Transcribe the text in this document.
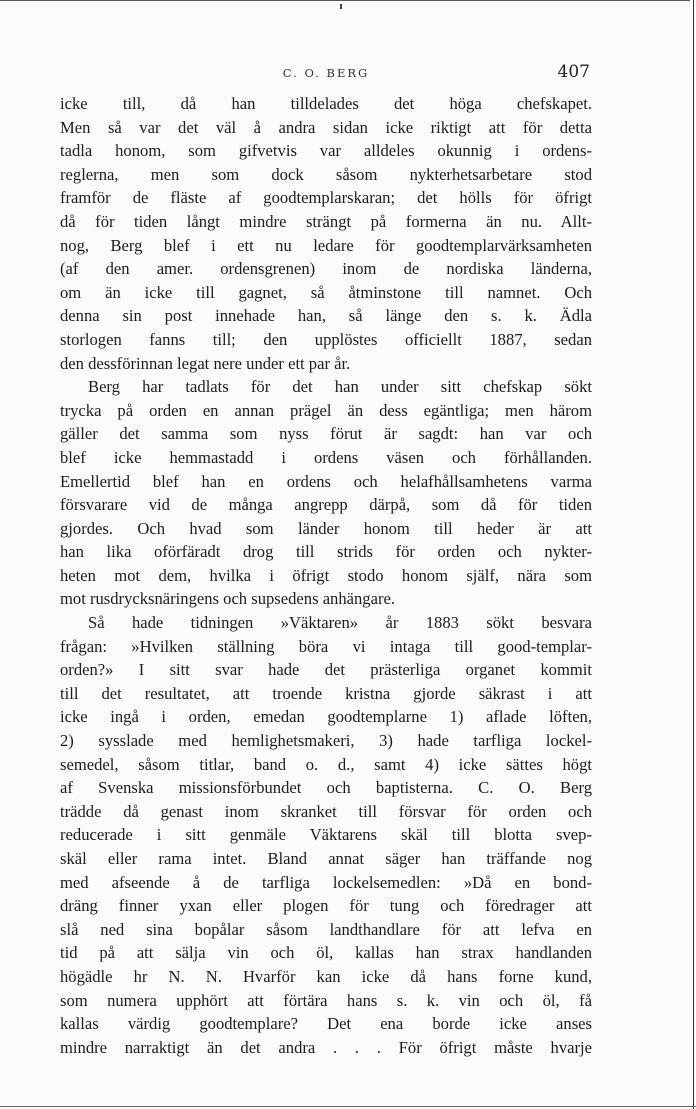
C. O. BERG	407
icke till, då han tilldelades det höga chefskapet.
Men så var det väl å andra sidan icke riktigt att för detta
tadla honom, som gifvetvis var alldeles okunnig i ordens-
reglerna, men som dock såsom nykterhetsarbetare stod
framför de fläste af goodtemplarskaran; det hölls för öfrigt
då för tiden långt mindre strängt på formerna än nu. Allt-
nog, Berg blef i ett nu ledare för goodtemplarvärksamheten
(af den amer. ordensgrenen) inom de nordiska länderna,
om än icke till gagnet, så åtminstone till namnet. Och
denna sin post innehade han, så länge den s. k. Ädla
storlogen fanns till; den upplöstes officiellt 1887, sedan
den dessförinnan legat nere under ett par år.
Berg har tadlats för det han under sitt chefskap sökt
trycka på orden en annan prägel än dess egäntliga; men härom
gäller det samma som nyss förut är sagdt: han var och
blef icke hemmastadd i ordens väsen och förhållanden.
Emellertid blef han en ordens och helafhållsamhetens varma
försvarare vid de många angrepp därpå, som då för tiden
gjordes. Och hvad som länder honom till heder är att
han lika oförfäradt drog till strids för orden och nykter-
heten mot dem, hvilka i öfrigt stodo honom själf, nära som
mot rusdrycksnäringens och supsedens anhängare.
Så hade tidningen »Väktaren» år 1883 sökt besvara
frågan: »Hvilken ställning böra vi intaga till good-templar-
orden?» I sitt svar hade det prästerliga organet kommit
till det resultatet, att troende kristna gjorde säkrast i att
icke ingå i orden, emedan goodtemplarne 1) aflade löften,
2) sysslade med hemlighetsmakeri, 3) hade tarfliga lockel-
semedel, såsom titlar, band o. d., samt 4) icke sättes högt
af Svenska missionsförbundet och baptisterna. C. O. Berg
trädde då genast inom skranket till försvar för orden och
reducerade i sitt genmäle Väktarens skäl till blotta svep-
skäl eller rama intet. Bland annat säger han träffande nog
med afseende å de tarfliga lockelsemedlen: »Då en bond-
dräng finner yxan eller plogen för tung och föredrager att
slå ned sina bopålar såsom landthandlare för att lefva en
tid på att sälja vin och öl, kallas han strax handlanden
högädle hr N. N. Hvarför kan icke då hans forne kund,
som numera upphört att förtära hans s. k. vin och öl, få
kallas värdig goodtemplare? Det ena borde icke anses
mindre narraktigt än det andra . . . För öfrigt måste hvarje
